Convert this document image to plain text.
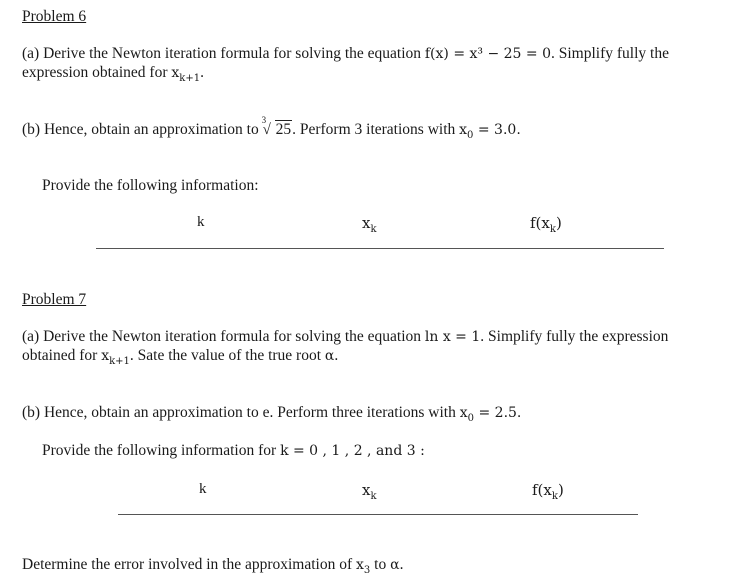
Problem 6
(a) Derive the Newton iteration formula for solving the equation f(x) = x³ − 25 = 0. Simplify fully the
expression obtained for $x_{k+1}$.
(b) Hence, obtain an approximation to
3
√ 25. Perform 3 iterations with $x_0 = 3.0$.
Provide the following information:
k	$x_k$	$f(x_k)$
Problem 7
(a) Derive the Newton iteration formula for solving the equation ln x = 1. Simplify fully the expression
obtained for $x_{k+1}$. Sate the value of the true root α.
(b) Hence, obtain an approximation to e. Perform three iterations with $x_0 = 2.5$.
Provide the following information for k = 0 , 1 , 2 , and 3 :
k	$x_k$	$f(x_k)$
Determine the error involved in the approximation of $x_3$ to α.
